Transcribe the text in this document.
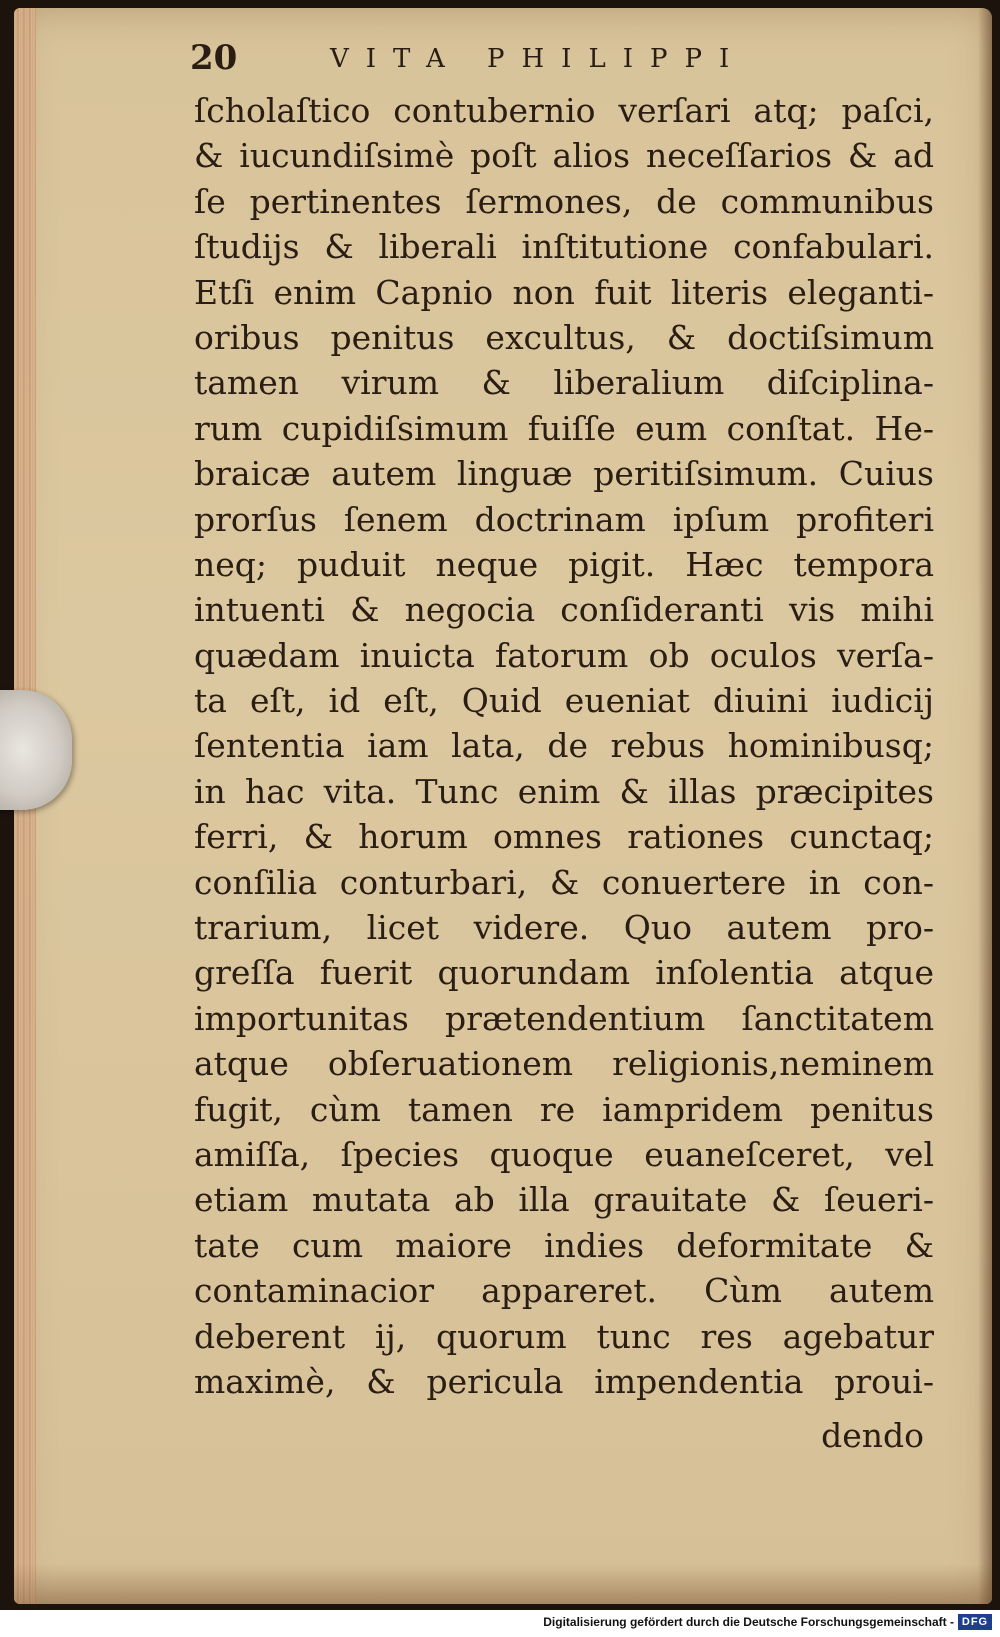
20	VITA PHILIPPI
ſcholaſtico contubernio verſari atq; paſci,
& iucundiſsimè poſt alios neceſſarios & ad
ſe pertinentes ſermones, de communibus
ſtudijs & liberali inſtitutione confabulari.
Etſi enim Capnio non fuit literis eleganti-
oribus penitus excultus, & doctiſsimum
tamen virum & liberalium diſciplina-
rum cupidiſsimum fuiſſe eum conſtat. He-
braicæ autem linguæ peritiſsimum. Cuius
prorſus ſenem doctrinam ipſum profiteri
neq; puduit neque pigit. Hæc tempora
intuenti & negocia conſideranti vis mihi
quædam inuicta fatorum ob oculos verſa-
ta eſt, id eſt, Quid eueniat diuini iudicij
ſententia iam lata, de rebus hominibusq;
in hac vita. Tunc enim & illas præcipites
ferri, & horum omnes rationes cunctaq;
conſilia conturbari, & conuertere in con-
trarium, licet videre. Quo autem pro-
greſſa fuerit quorundam inſolentia atque
importunitas prætendentium ſanctitatem
atque obſeruationem religionis,neminem
fugit, cùm tamen re iampridem penitus
amiſſa, ſpecies quoque euaneſceret, vel
etiam mutata ab illa grauitate & ſeueri-
tate cum maiore indies deformitate &
contaminacior appareret. Cùm autem
deberent ij, quorum tunc res agebatur
maximè, & pericula impendentia proui-
dendo
Digitalisierung gefördert durch die Deutsche Forschungsgemeinschaft - DFG
